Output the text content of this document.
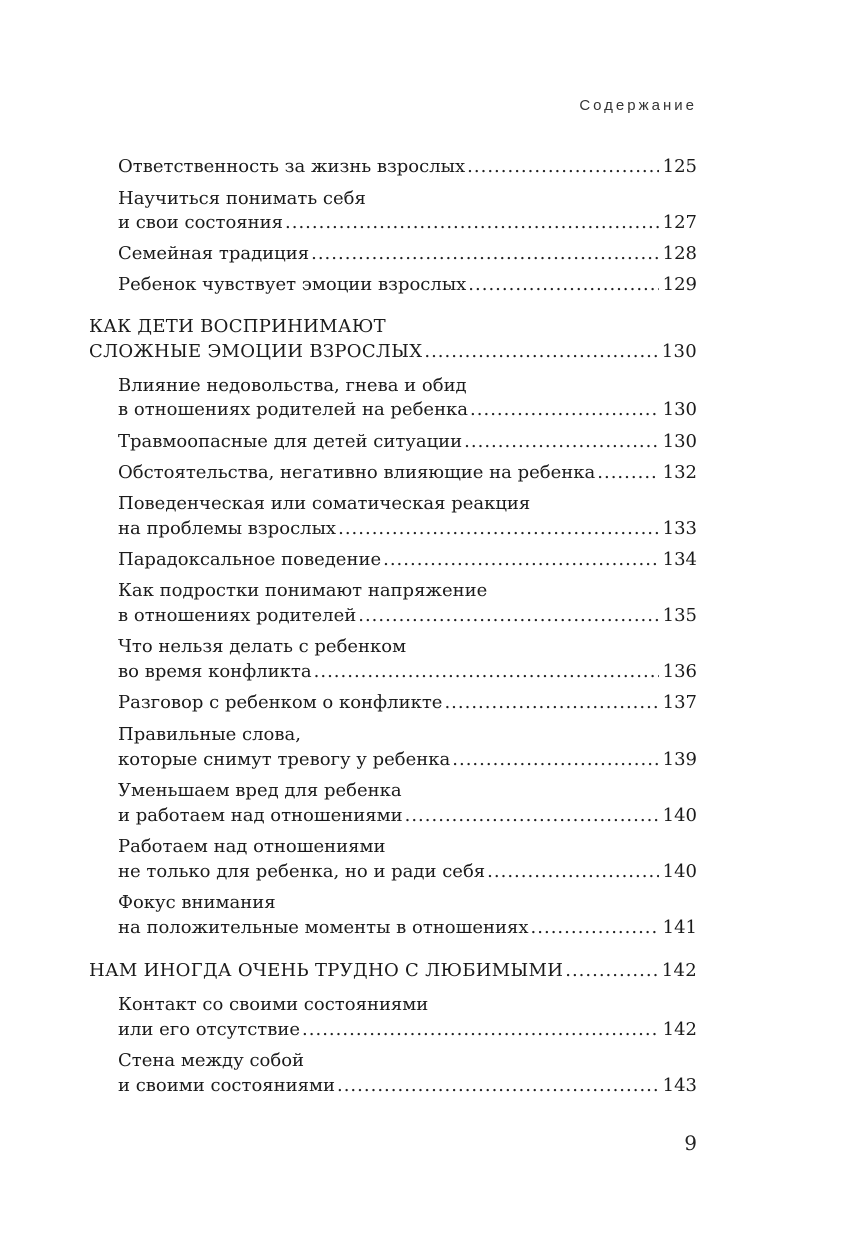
Содержание
Ответственность за жизнь взрослых .....	125
Научиться понимать себя
и свои состояния .....	127
Семейная традиция .....	128
Ребенок чувствует эмоции взрослых .....	129
КАК ДЕТИ ВОСПРИНИМАЮТ
СЛОЖНЫЕ ЭМОЦИИ ВЗРОСЛЫХ .....	130
Влияние недовольства, гнева и обид
в отношениях родителей на ребенка .....	130
Травмоопасные для детей ситуации .....	130
Обстоятельства, негативно влияющие на ребенка .....	132
Поведенческая или соматическая реакция
на проблемы взрослых .....	133
Парадоксальное поведение .....	134
Как подростки понимают напряжение
в отношениях родителей .....	135
Что нельзя делать с ребенком
во время конфликта .....	136
Разговор с ребенком о конфликте .....	137
Правильные слова,
которые снимут тревогу у ребенка .....	139
Уменьшаем вред для ребенка
и работаем над отношениями .....	140
Работаем над отношениями
не только для ребенка, но и ради себя .....	140
Фокус внимания
на положительные моменты в отношениях .....	141
НАМ ИНОГДА ОЧЕНЬ ТРУДНО С ЛЮБИМЫМИ .....	142
Контакт со своими состояниями
или его отсутствие .....	142
Стена между собой
и своими состояниями .....	143
9
